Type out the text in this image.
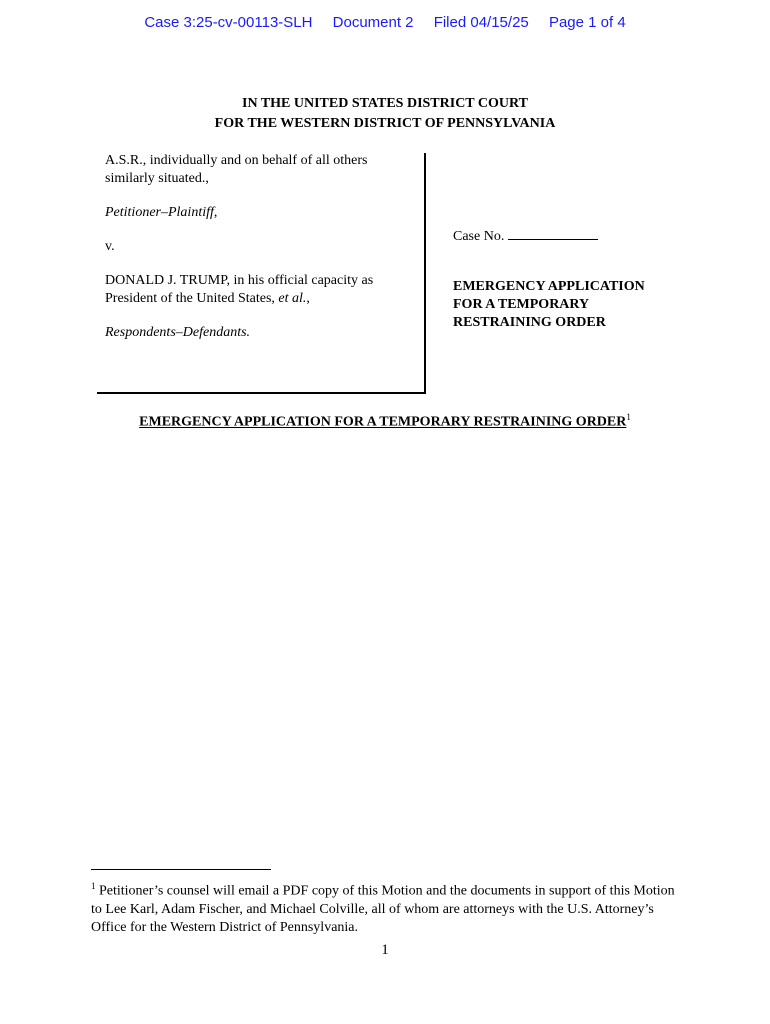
Case 3:25-cv-00113-SLH Document 2 Filed 04/15/25 Page 1 of 4
IN THE UNITED STATES DISTRICT COURT
FOR THE WESTERN DISTRICT OF PENNSYLVANIA

A.S.R., individually and on behalf of all others

similarly situated.,

Petitioner–Plaintiff,

v.

DONALD J. TRUMP, in his official capacity as

President of the United States, et al.,

Respondents–Defendants.

Case No.
EMERGENCY APPLICATION
FOR A TEMPORARY
RESTRAINING ORDER
EMERGENCY APPLICATION FOR A TEMPORARY RESTRAINING ORDER$^1$
$^1$ Petitioner’s counsel will email a PDF copy of this Motion and the documents in support of this Motion to Lee Karl, Adam Fischer, and Michael Colville, all of whom are attorneys with the U.S. Attorney’s Office for the Western District of Pennsylvania.
1
